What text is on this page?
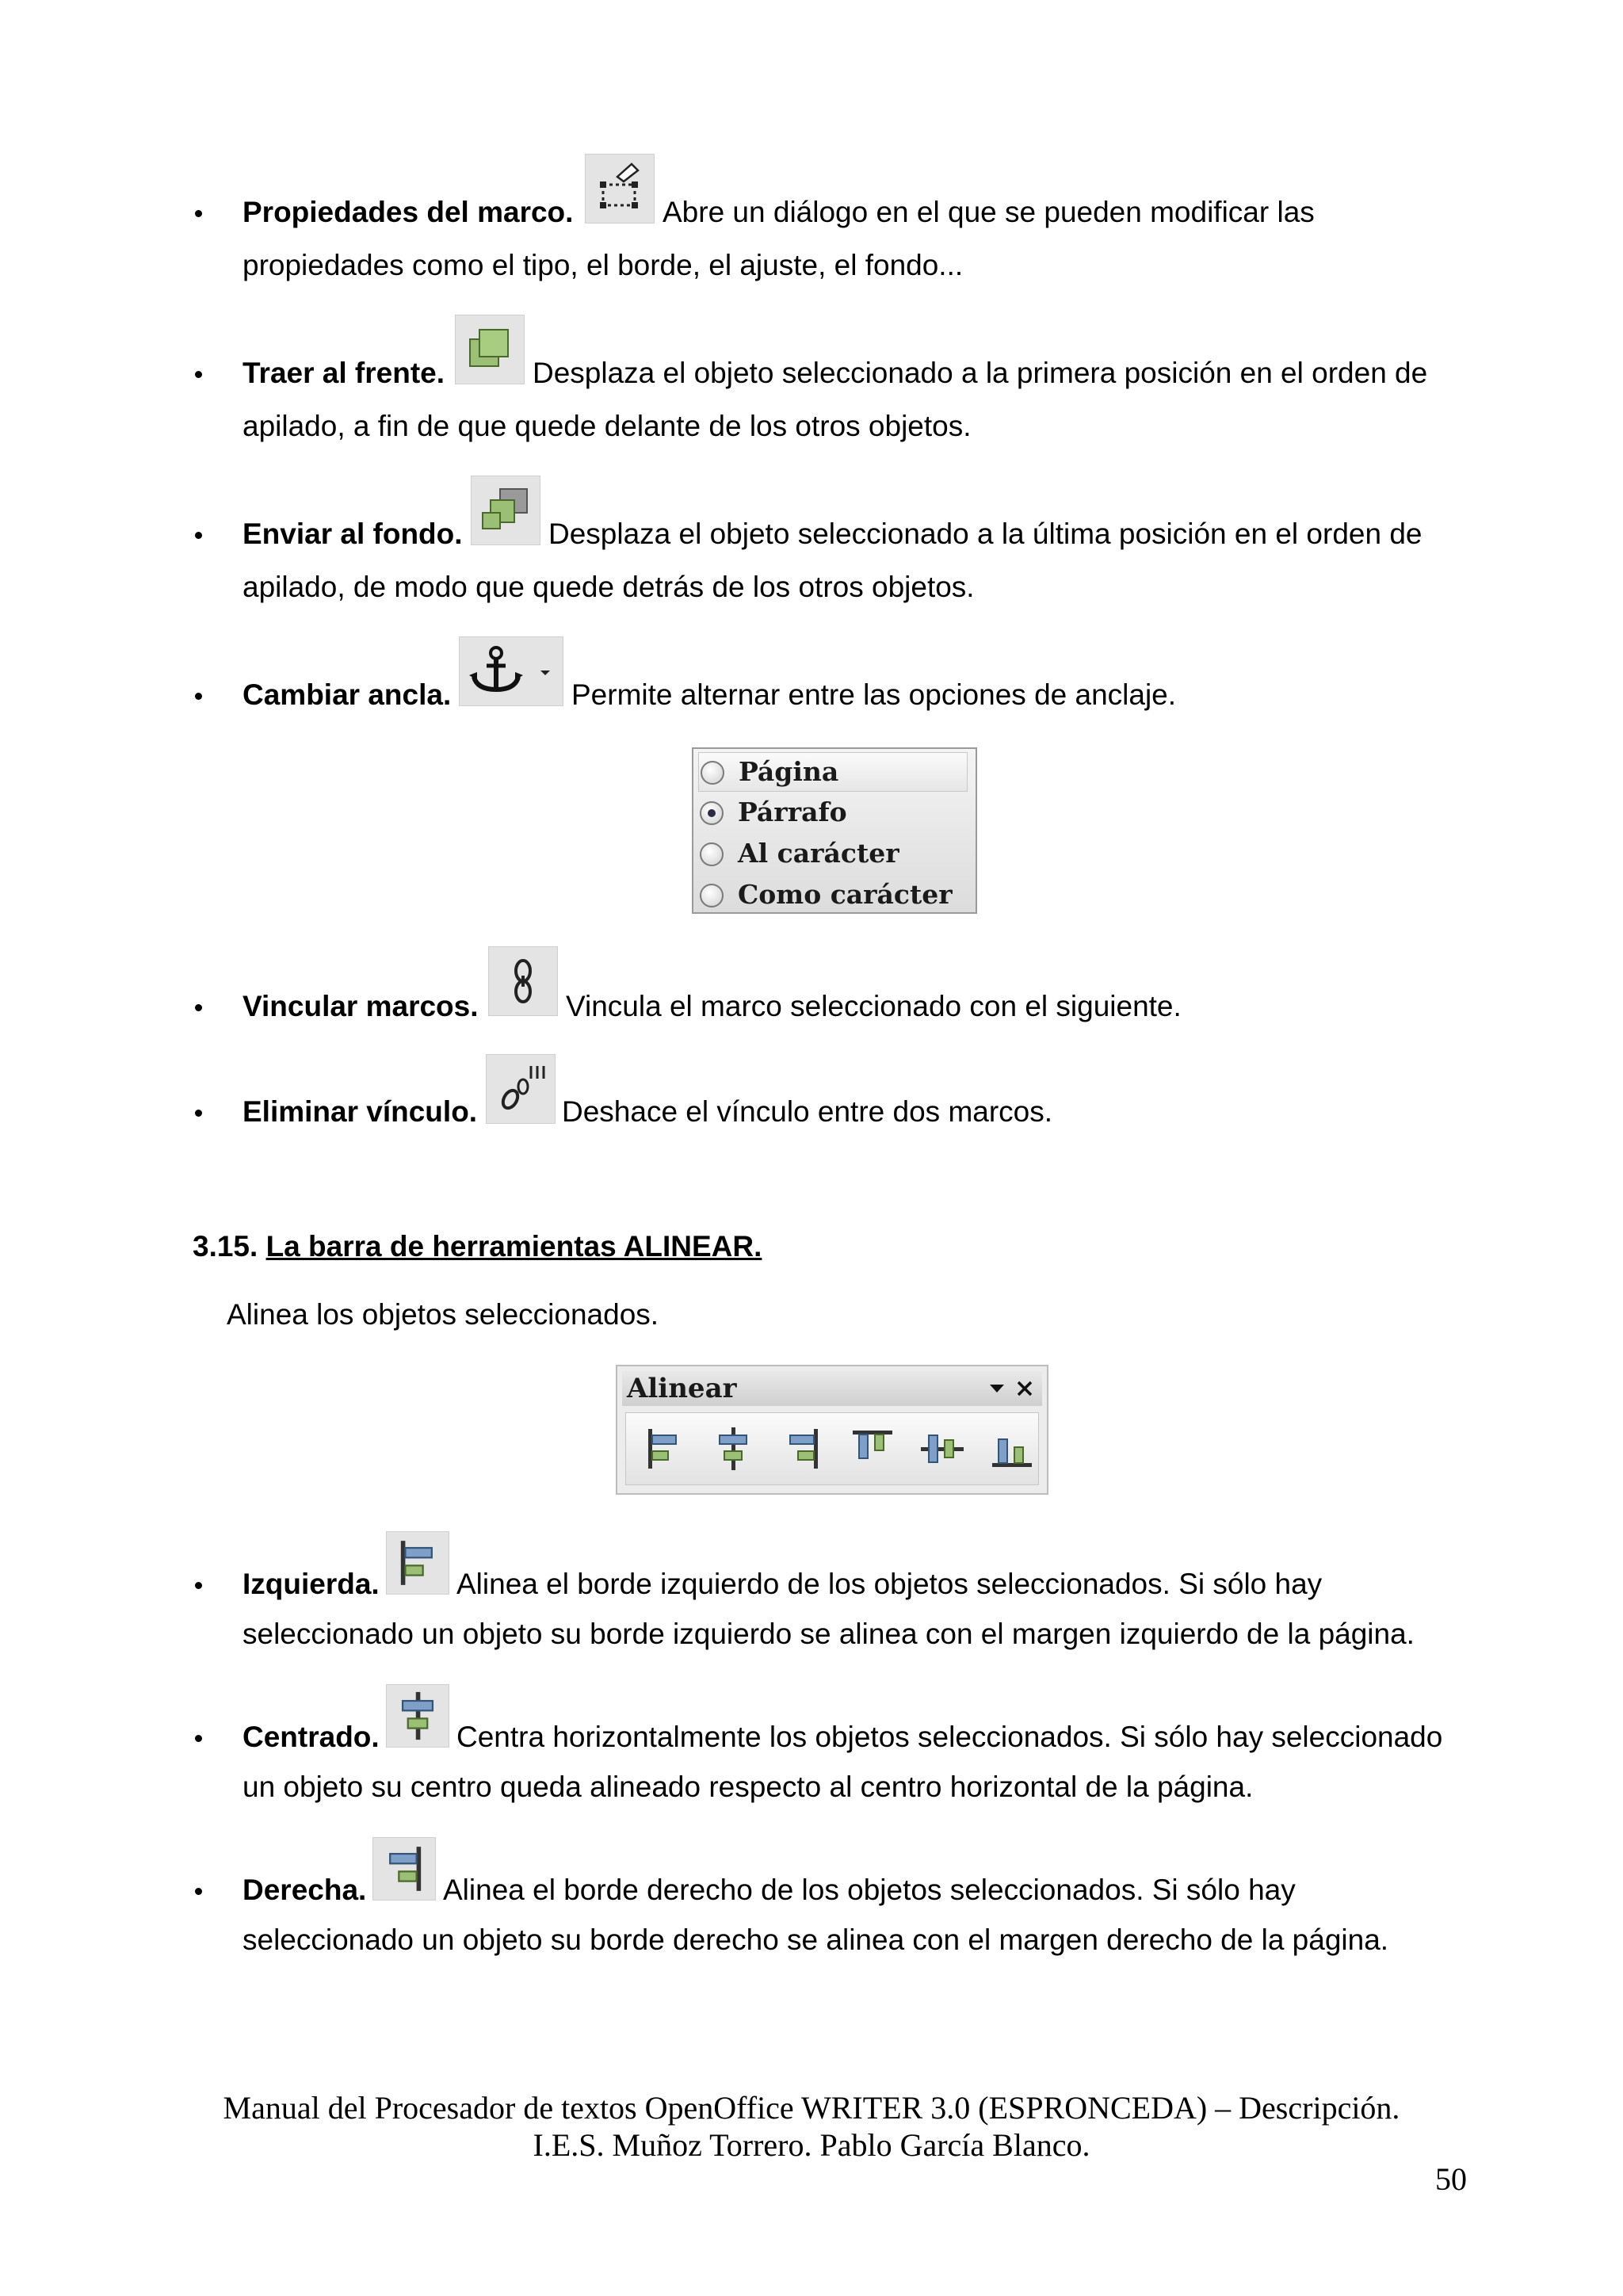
Propiedades del marco.	Abre un diálogo en el que se pueden modificar las
propiedades como el tipo, el borde, el ajuste, el fondo...
Traer al frente.	Desplaza el objeto seleccionado a la primera posición en el orden de
apilado, a fin de que quede delante de los otros objetos.
Enviar al fondo.	Desplaza el objeto seleccionado a la última posición en el orden de
apilado, de modo que quede detrás de los otros objetos.
Cambiar ancla.	Permite alternar entre las opciones de anclaje.
Página
Párrafo
Al carácter
Como carácter
Vincular marcos.	Vincula el marco seleccionado con el siguiente.
Eliminar vínculo.	Deshace el vínculo entre dos marcos.
3.15. La barra de herramientas ALINEAR.
Alinea los objetos seleccionados.
Alinear
Izquierda.	Alinea el borde izquierdo de los objetos seleccionados. Si sólo hay
seleccionado un objeto su borde izquierdo se alinea con el margen izquierdo de la página.
Centrado.	Centra horizontalmente los objetos seleccionados. Si sólo hay seleccionado
un objeto su centro queda alineado respecto al centro horizontal de la página.
Derecha.	Alinea el borde derecho de los objetos seleccionados. Si sólo hay
seleccionado un objeto su borde derecho se alinea con el margen derecho de la página.
Manual del Procesador de textos OpenOffice WRITER 3.0 (ESPRONCEDA) – Descripción.
I.E.S. Muñoz Torrero. Pablo García Blanco.
50
